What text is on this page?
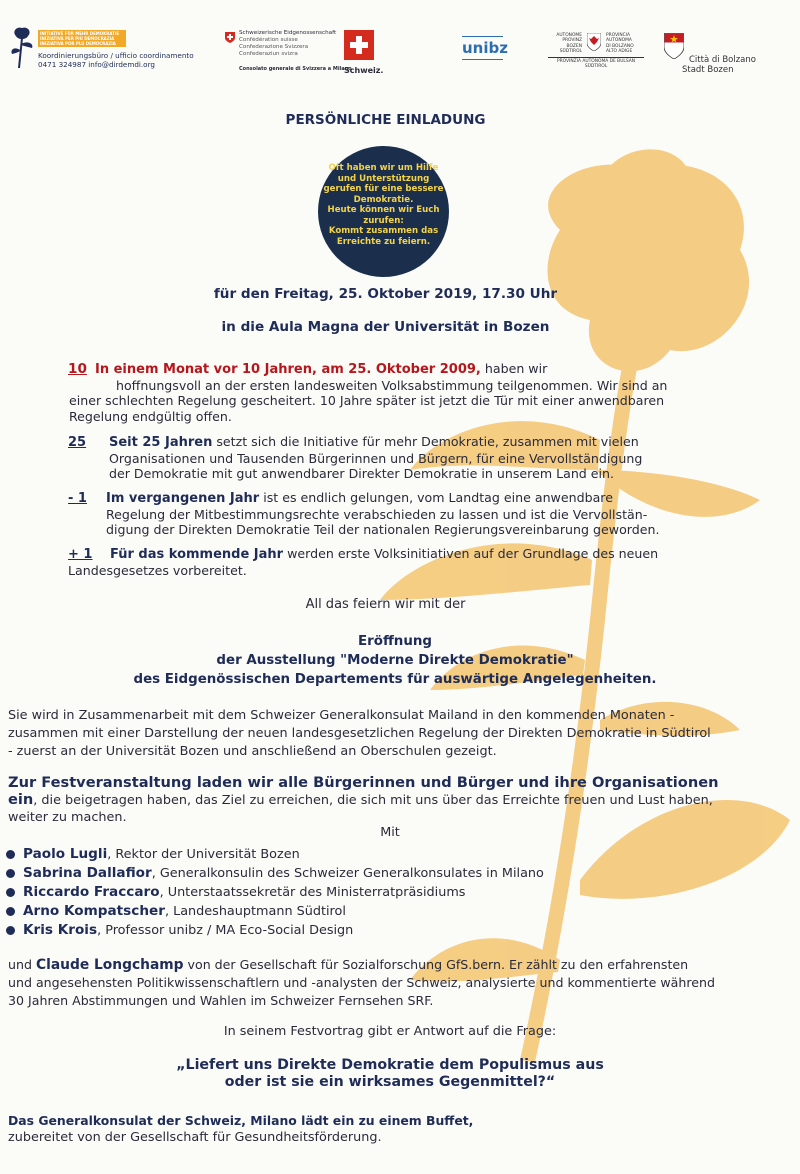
INITIATIVE FÜR MEHR DEMOKRATIE
INIZIATIVA PER PIÙ DEMOCRAZIA
INIZIATIVA POR PLU DEMOCRAZIA
Koordinierungsbüro / ufficio coordinamento
0471 324987 info@dirdemdi.org
Schweizerische Eidgenossenschaft
Confédération suisse
Confederazione Svizzera
Confederaziun svizra
Consolato generale di Svizzera a Milano
Schweiz.
unibz
AUTONOME
PROVINZ
BOZEN
SÜDTIROL
PROVINCIA
AUTONOMA
DI BOLZANO
ALTO ADIGE
PROVINZIA AUTONOMA DE BULSAN
SÜDTIROL
Città di Bolzano
Stadt Bozen
PERSÖNLICHE EINLADUNG
Oft haben wir um Hilfe
und Unterstützung
gerufen für eine bessere
Demokratie.
Heute können wir Euch
zurufen:
Kommt zusammen das
Erreichte zu feiern.
für den Freitag, 25. Oktober 2019, 17.30 Uhr
in die Aula Magna der Universität in Bozen
10 In einem Monat vor 10 Jahren, am 25. Oktober 2009, haben wir
hoffnungsvoll an der ersten landesweiten Volksabstimmung teilgenommen. Wir sind an
einer schlechten Regelung gescheitert. 10 Jahre später ist jetzt die Tür mit einer anwendbaren
Regelung endgültig offen.
25 Seit 25 Jahren setzt sich die Initiative für mehr Demokratie, zusammen mit vielen
Organisationen und Tausenden Bürgerinnen und Bürgern, für eine Vervollständigung
der Demokratie mit gut anwendbarer Direkter Demokratie in unserem Land ein.
- 1 Im vergangenen Jahr ist es endlich gelungen, vom Landtag eine anwendbare
Regelung der Mitbestimmungsrechte verabschieden zu lassen und ist die Vervollstän-
digung der Direkten Demokratie Teil der nationalen Regierungsvereinbarung geworden.
+ 1 Für das kommende Jahr werden erste Volksinitiativen auf der Grundlage des neuen
Landesgesetzes vorbereitet.
All das feiern wir mit der
Eröffnung
der Ausstellung "Moderne Direkte Demokratie"
des Eidgenössischen Departements für auswärtige Angelegenheiten.
Sie wird in Zusammenarbeit mit dem Schweizer Generalkonsulat Mailand in den kommenden Monaten -
zusammen mit einer Darstellung der neuen landesgesetzlichen Regelung der Direkten Demokratie in Südtirol
- zuerst an der Universität Bozen und anschließend an Oberschulen gezeigt.
Zur Festveranstaltung laden wir alle Bürgerinnen und Bürger und ihre Organisationen
ein, die beigetragen haben, das Ziel zu erreichen, die sich mit uns über das Erreichte freuen und Lust haben,
weiter zu machen.
Mit
Paolo Lugli, Rektor der Universität Bozen
Sabrina Dallafior, Generalkonsulin des Schweizer Generalkonsulates in Milano
Riccardo Fraccaro, Unterstaatssekretär des Ministerratpräsidiums
Arno Kompatscher, Landeshauptmann Südtirol
Kris Krois, Professor unibz / MA Eco-Social Design
und Claude Longchamp von der Gesellschaft für Sozialforschung GfS.bern. Er zählt zu den erfahrensten
und angesehensten Politikwissenschaftlern und -analysten der Schweiz, analysierte und kommentierte während
30 Jahren Abstimmungen und Wahlen im Schweizer Fernsehen SRF.
In seinem Festvortrag gibt er Antwort auf die Frage:
„Liefert uns Direkte Demokratie dem Populismus aus
oder ist sie ein wirksames Gegenmittel?“
Das Generalkonsulat der Schweiz, Milano lädt ein zu einem Buffet,
zubereitet von der Gesellschaft für Gesundheitsförderung.
